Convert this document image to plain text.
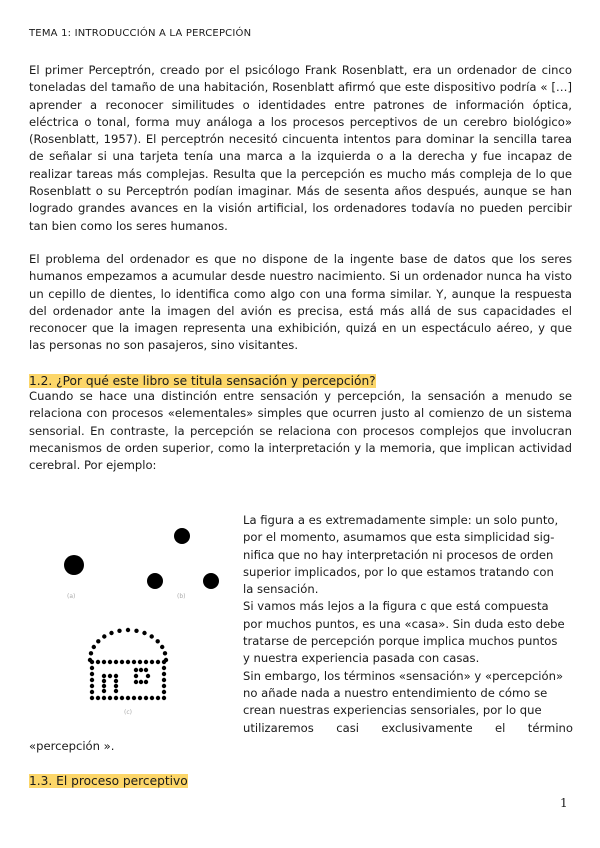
TEMA 1: INTRODUCCIÓN A LA PERCEPCIÓN

El primer Perceptrón, creado por el psicólogo Frank Rosenblatt, era un ordenador de cinco toneladas del tamaño de una habitación, Rosenblatt afirmó que este dispositivo podría « […] aprender a reconocer similitudes o identidades entre patrones de información óptica, eléctrica o tonal, forma muy análoga a los procesos perceptivos de un cerebro biológico» (Rosenblatt, 1957). El perceptrón necesitó cincuenta intentos para dominar la sencilla tarea de señalar si una tarjeta tenía una marca a la izquierda o a la derecha y fue incapaz de realizar tareas más complejas. Resulta que la percepción es mucho más compleja de lo que Rosenblatt o su Perceptrón podían imaginar. Más de sesenta años después, aunque se han logrado grandes avances en la visión artificial, los ordenadores todavía no pueden percibir tan bien como los seres humanos.

El problema del ordenador es que no dispone de la ingente base de datos que los seres humanos empezamos a acumular desde nuestro nacimiento. Si un ordenador nunca ha visto un cepillo de dientes, lo identifica como algo con una forma similar. Y, aunque la respuesta del ordenador ante la imagen del avión es precisa, está más allá de sus capacidades el reconocer que la imagen representa una exhibición, quizá en un espectáculo aéreo, y que las personas no son pasajeros, sino visitantes.

1.2. ¿Por qué este libro se titula sensación y percepción?

Cuando se hace una distinción entre sensación y percepción, la sensación a menudo se relaciona con procesos «elementales» simples que ocurren justo al comienzo de un sistema sensorial. En contraste, la percepción se relaciona con procesos complejos que involucran mecanismos de orden superior, como la interpretación y la memoria, que implican actividad cerebral. Por ejemplo:

(a)	(b)
(c)
La figura a es extremadamente simple: un solo punto,
por el momento, asumamos que esta simplicidad sig-
nifica que no hay interpretación ni procesos de orden
superior implicados, por lo que estamos tratando con
la sensación.
Si vamos más lejos a la figura c que está compuesta
por muchos puntos, es una «casa». Sin duda esto debe
tratarse de percepción porque implica muchos puntos
y nuestra experiencia pasada con casas.
Sin embargo, los términos «sensación» y «percepción»
no añade nada a nuestro entendimiento de cómo se
crean nuestras experiencias sensoriales, por lo que

utilizaremos casi exclusivamente el término

«percepción ».

1.3. El proceso perceptivo
1
